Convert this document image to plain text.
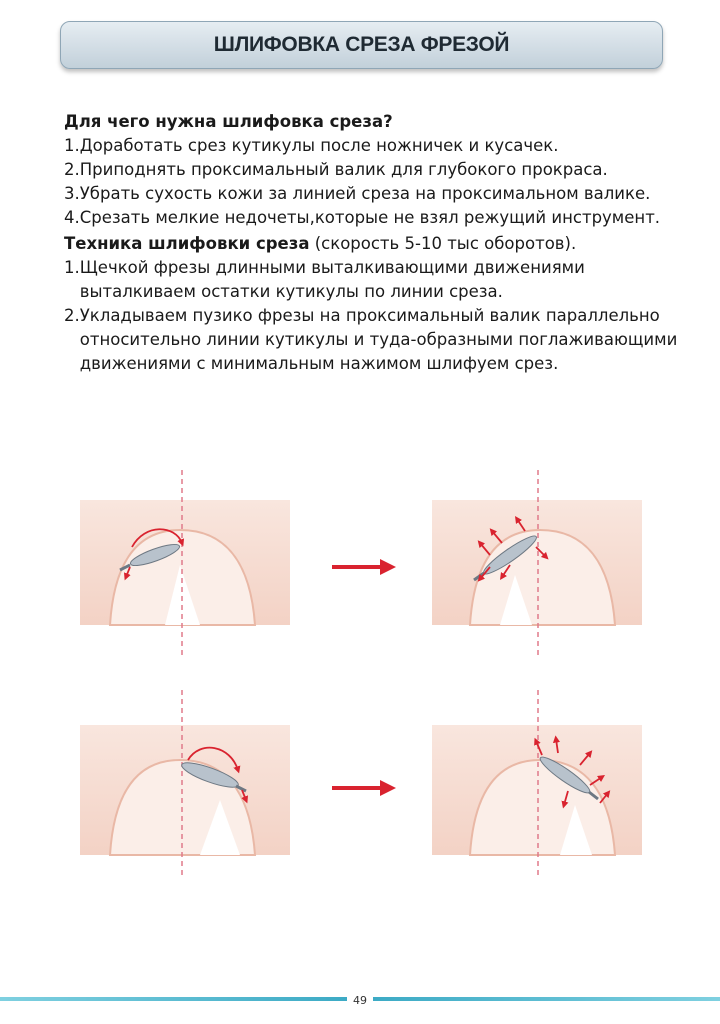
ШЛИФОВКА СРЕЗА ФРЕЗОЙ

Для чего нужна шлифовка среза?

1. Доработать срез кутикулы после ножничек и кусачек.
2. Приподнять проксимальный валик для глубокого прокраса.
3. Убрать сухость кожи за линией среза на проксимальном валике.
4. Срезать мелкие недочеты,которые не взял режущий инструмент.

Техника шлифовки среза (скорость 5-10 тыс оборотов).

1. Щечкой фрезы длинными выталкивающими движениями выталкиваем остатки кутикулы по линии среза.
2. Укладываем пузико фрезы на проксимальный валик параллельно относительно линии кутикулы и туда-образными поглаживающими движениями с минимальным нажимом шлифуем срез.
49
